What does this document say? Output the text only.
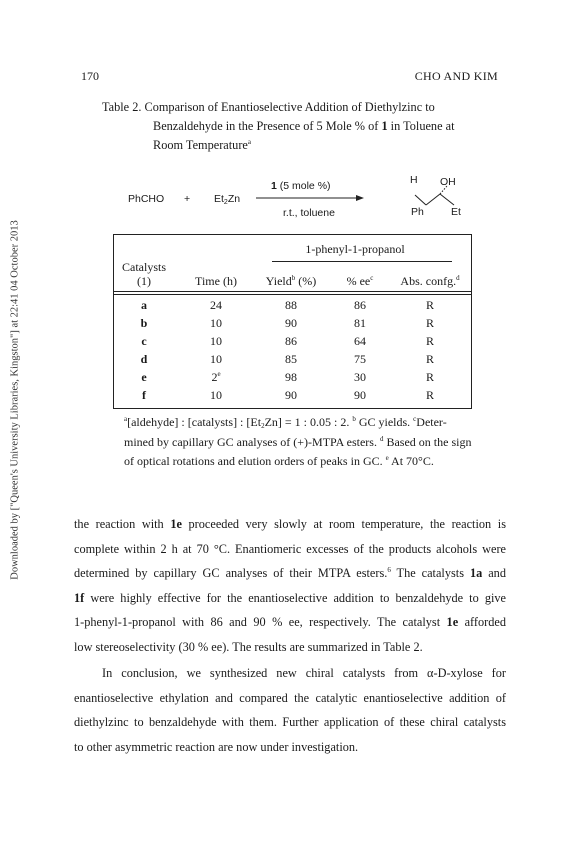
Downloaded by ["Queen's University Libraries, Kingston"] at 22:41 04 October 2013
170	CHO AND KIM
Table 2. Comparison of Enantioselective Addition of Diethylzinc to
Benzaldehyde in the Presence of 5 Mole % of 1 in Toluene at
Room Temperature$^a$
PhCHO + $Et_2Zn$
1 (5 mole %)
r.t., toluene
H OH
Ph	Et
1-phenyl-1-propanol
Catalysts
(1)	Time (h)	Yield$^b$ (%)	% $ee^c$	Abs. confg.$^d$
a	24	88	86	R
b	10	90	81	R
c	10	86	64	R
d	10	85	75	R
e	2e	98	30	R
f	10	90	90	R
$^a$[aldehyde] : [catalysts] : $[Et_2Zn] = 1$ : 0.05 : 2. $^b$ GC yields. $^c$Deter-
mined by capillary GC analyses of (+)-MTPA esters. $^d$ Based on the sign
of optical rotations and elution orders of peaks in GC. $^e$ At 70°C.

the reaction with 1e proceeded very slowly at room temperature, the reaction is

complete within 2 h at 70 °C. Enantiomeric excesses of the products alcohols were

determined by capillary GC analyses of their MTPA esters.$^6$ The catalysts 1a and

1f were highly effective for the enantioselective addition to benzaldehyde to give

1-phenyl-1-propanol with 86 and 90 % ee, respectively. The catalyst 1e afforded

low stereoselectivity (30 % ee). The results are summarized in Table 2.

In conclusion, we synthesized new chiral catalysts from α-D-xylose for

enantioselective ethylation and compared the catalytic enantioselective addition of

diethylzinc to benzaldehyde with them. Further application of these chiral catalysts

to other asymmetric reaction are now under investigation.
